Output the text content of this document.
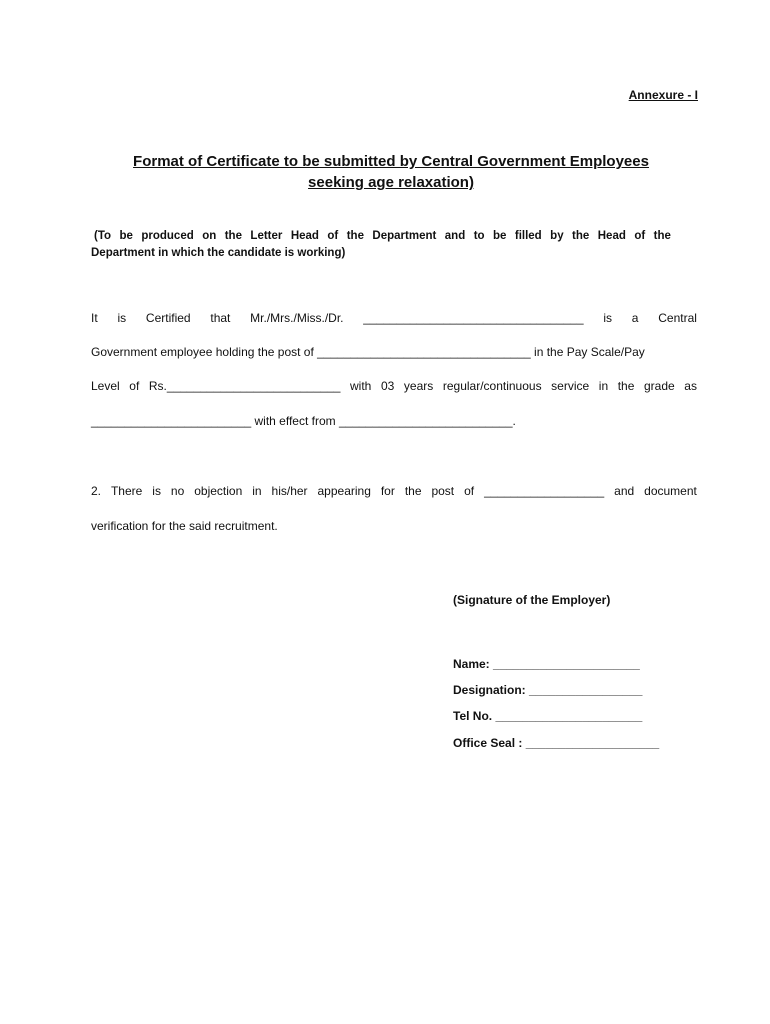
Annexure - I
Format of Certificate to be submitted by Central Government Employees
seeking age relaxation)
(To be produced on the Letter Head of the Department and to be filled by the Head of the
Department in which the candidate is working)
It is Certified that Mr./Mrs./Miss./Dr. _________________________________ is a Central
Government employee holding the post of ________________________________ in the Pay Scale/Pay
Level of Rs.__________________________ with 03 years regular/continuous service in the grade as
________________________ with effect from __________________________.
2. There is no objection in his/her appearing for the post of __________________ and document
verification for the said recruitment.
(Signature of the Employer)
Name: ______________________
Designation: _________________
Tel No. ______________________
Office Seal : ____________________
